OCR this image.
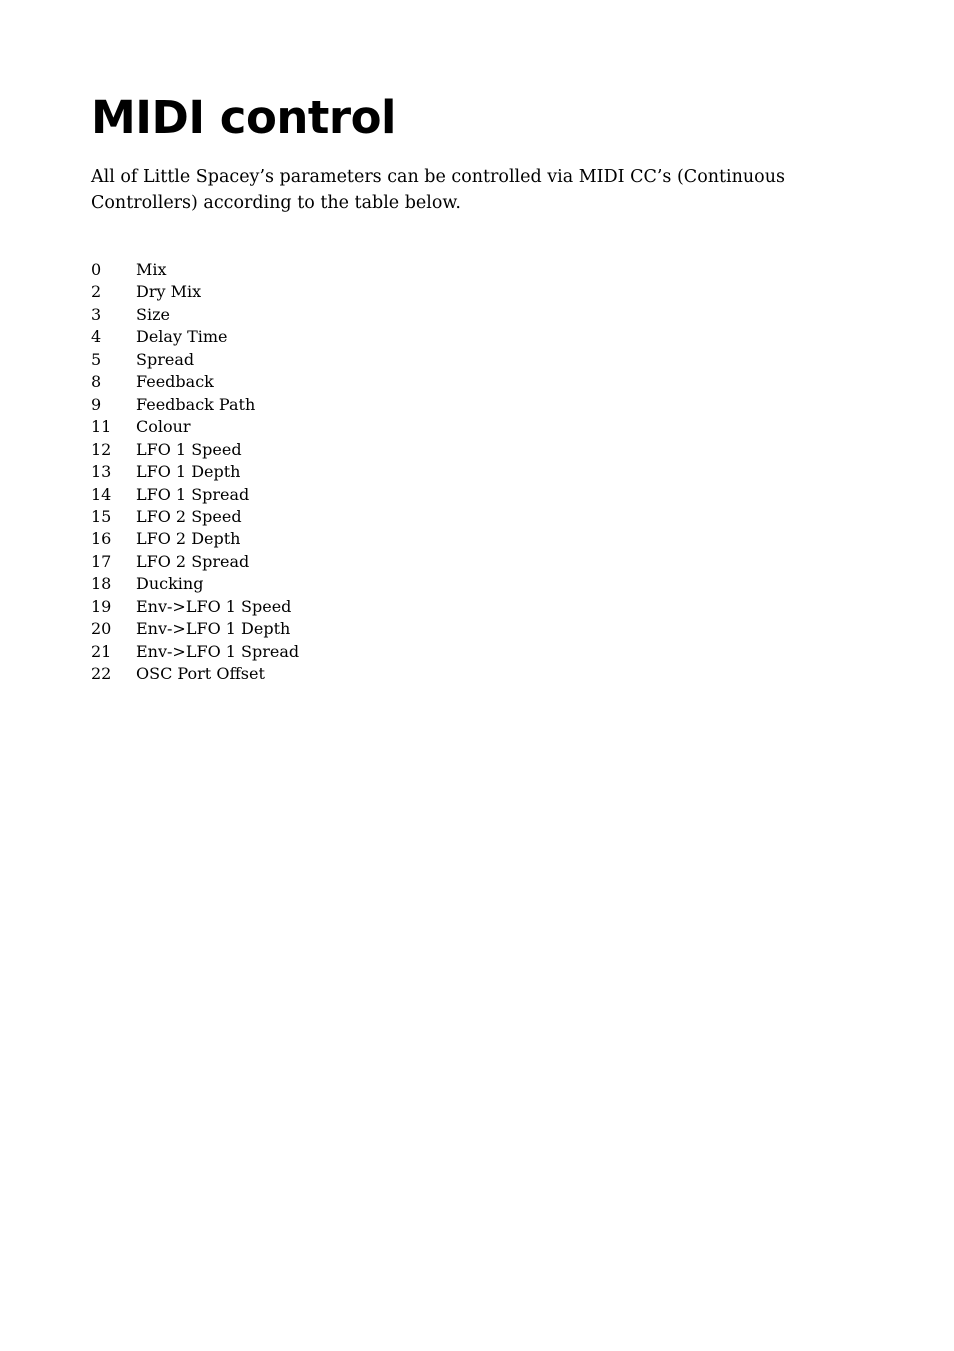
MIDI control

All of Little Spacey’s parameters can be controlled via MIDI CC’s (Continuous Controllers) according to the table below.

0	Mix
2	Dry Mix
3	Size
4	Delay Time
5	Spread
8	Feedback
9	Feedback Path
11	Colour
12	LFO 1 Speed
13	LFO 1 Depth
14	LFO 1 Spread
15	LFO 2 Speed
16	LFO 2 Depth
17	LFO 2 Spread
18	Ducking
19	Env->LFO 1 Speed
20	Env->LFO 1 Depth
21	Env->LFO 1 Spread
22	OSC Port Offset
